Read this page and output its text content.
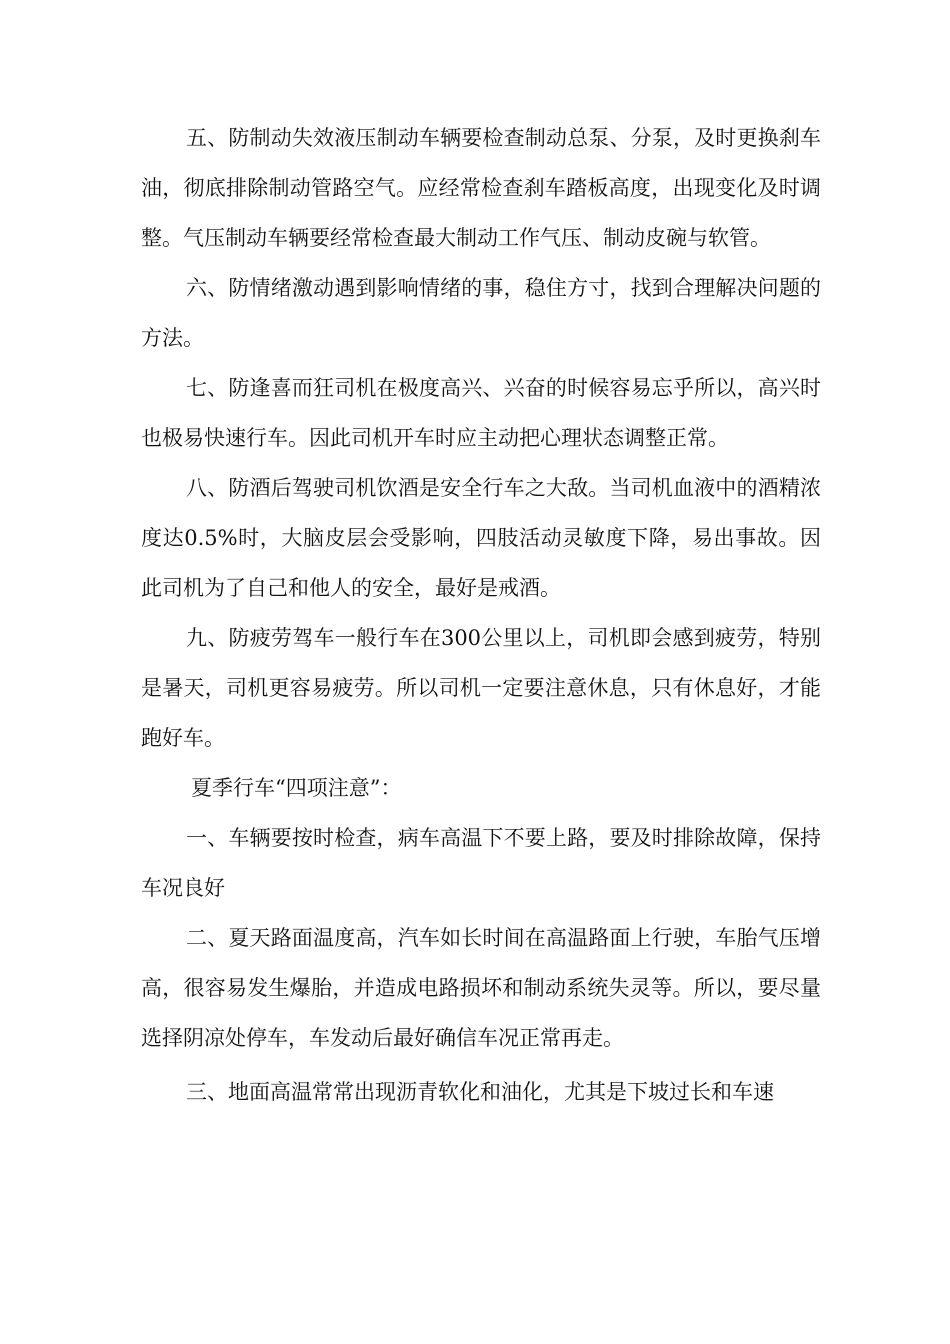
五、防制动失效液压制动车辆要检查制动总泵、分泵，及时更换刹车油，彻底排除制动管路空气。应经常检查刹车踏板高度，出现变化及时调整。气压制动车辆要经常检查最大制动工作气压、制动皮碗与软管。

六、防情绪激动遇到影响情绪的事，稳住方寸，找到合理解决问题的方法。

七、防逢喜而狂司机在极度高兴、兴奋的时候容易忘乎所以，高兴时也极易快速行车。因此司机开车时应主动把心理状态调整正常。

八、防酒后驾驶司机饮酒是安全行车之大敌。当司机血液中的酒精浓度达0.5%时，大脑皮层会受影响，四肢活动灵敏度下降，易出事故。因此司机为了自己和他人的安全，最好是戒酒。

九、防疲劳驾车一般行车在300公里以上，司机即会感到疲劳，特别是暑天，司机更容易疲劳。所以司机一定要注意休息，只有休息好，才能跑好车。

夏季行车“四项注意”：

一、车辆要按时检查，病车高温下不要上路，要及时排除故障，保持车况良好

二、夏天路面温度高，汽车如长时间在高温路面上行驶，车胎气压增高，很容易发生爆胎，并造成电路损坏和制动系统失灵等。所以，要尽量选择阴凉处停车，车发动后最好确信车况正常再走。

三、地面高温常常出现沥青软化和油化，尤其是下坡过长和车速
